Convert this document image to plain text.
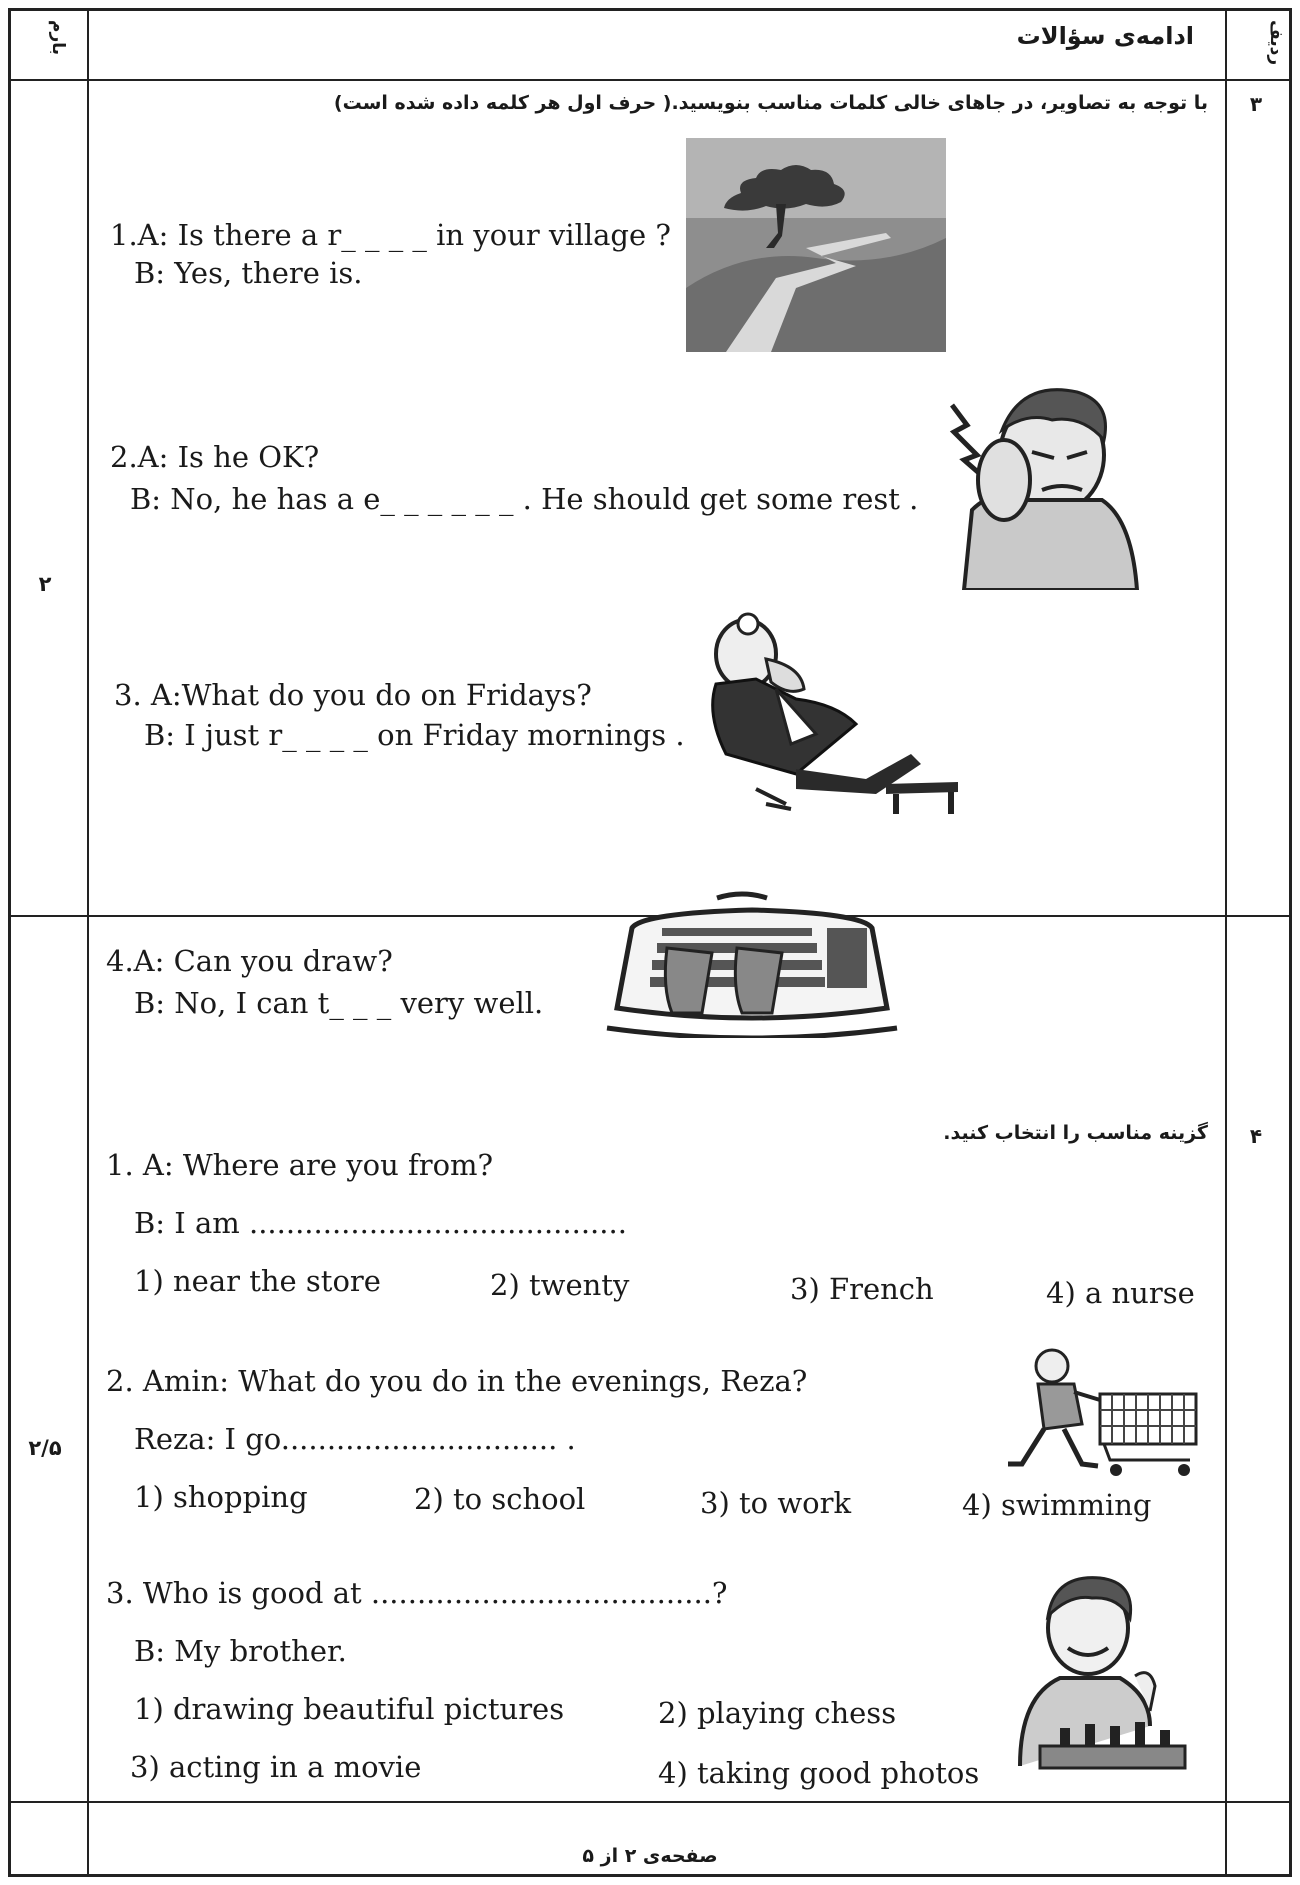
بارم	ردیف
ادامه‌ی سؤالات
۳
۲
با توجه به تصاویر، در جاهای خالی کلمات مناسب بنویسید.( حرف اول هر کلمه داده شده است)
1.A: Is there a r_ _ _ _ in your village ?
B: Yes, there is.
2.A: Is he OK?
B: No, he has a e_ _ _ _ _ _ . He should get some rest .
3. A:What do you do on Fridays?
B: I just r_ _ _ _ on Friday mornings .
4.A: Can you draw?
B: No, I can t_ _ _ very well.
۴
۲/۵
گزینه مناسب را انتخاب کنید.
1. A: Where are you from?
B: I am .........................................
1) near the store	2) twenty	3) French	4) a nurse
2. Amin: What do you do in the evenings, Reza?
Reza: I go.............................. .
1) shopping	2) to school	3) to work	4) swimming
3. Who is good at .....................................?
B: My brother.
1) drawing beautiful pictures	2) playing chess
3) acting in a movie	4) taking good photos
صفحه‌ی ۲ از ۵
